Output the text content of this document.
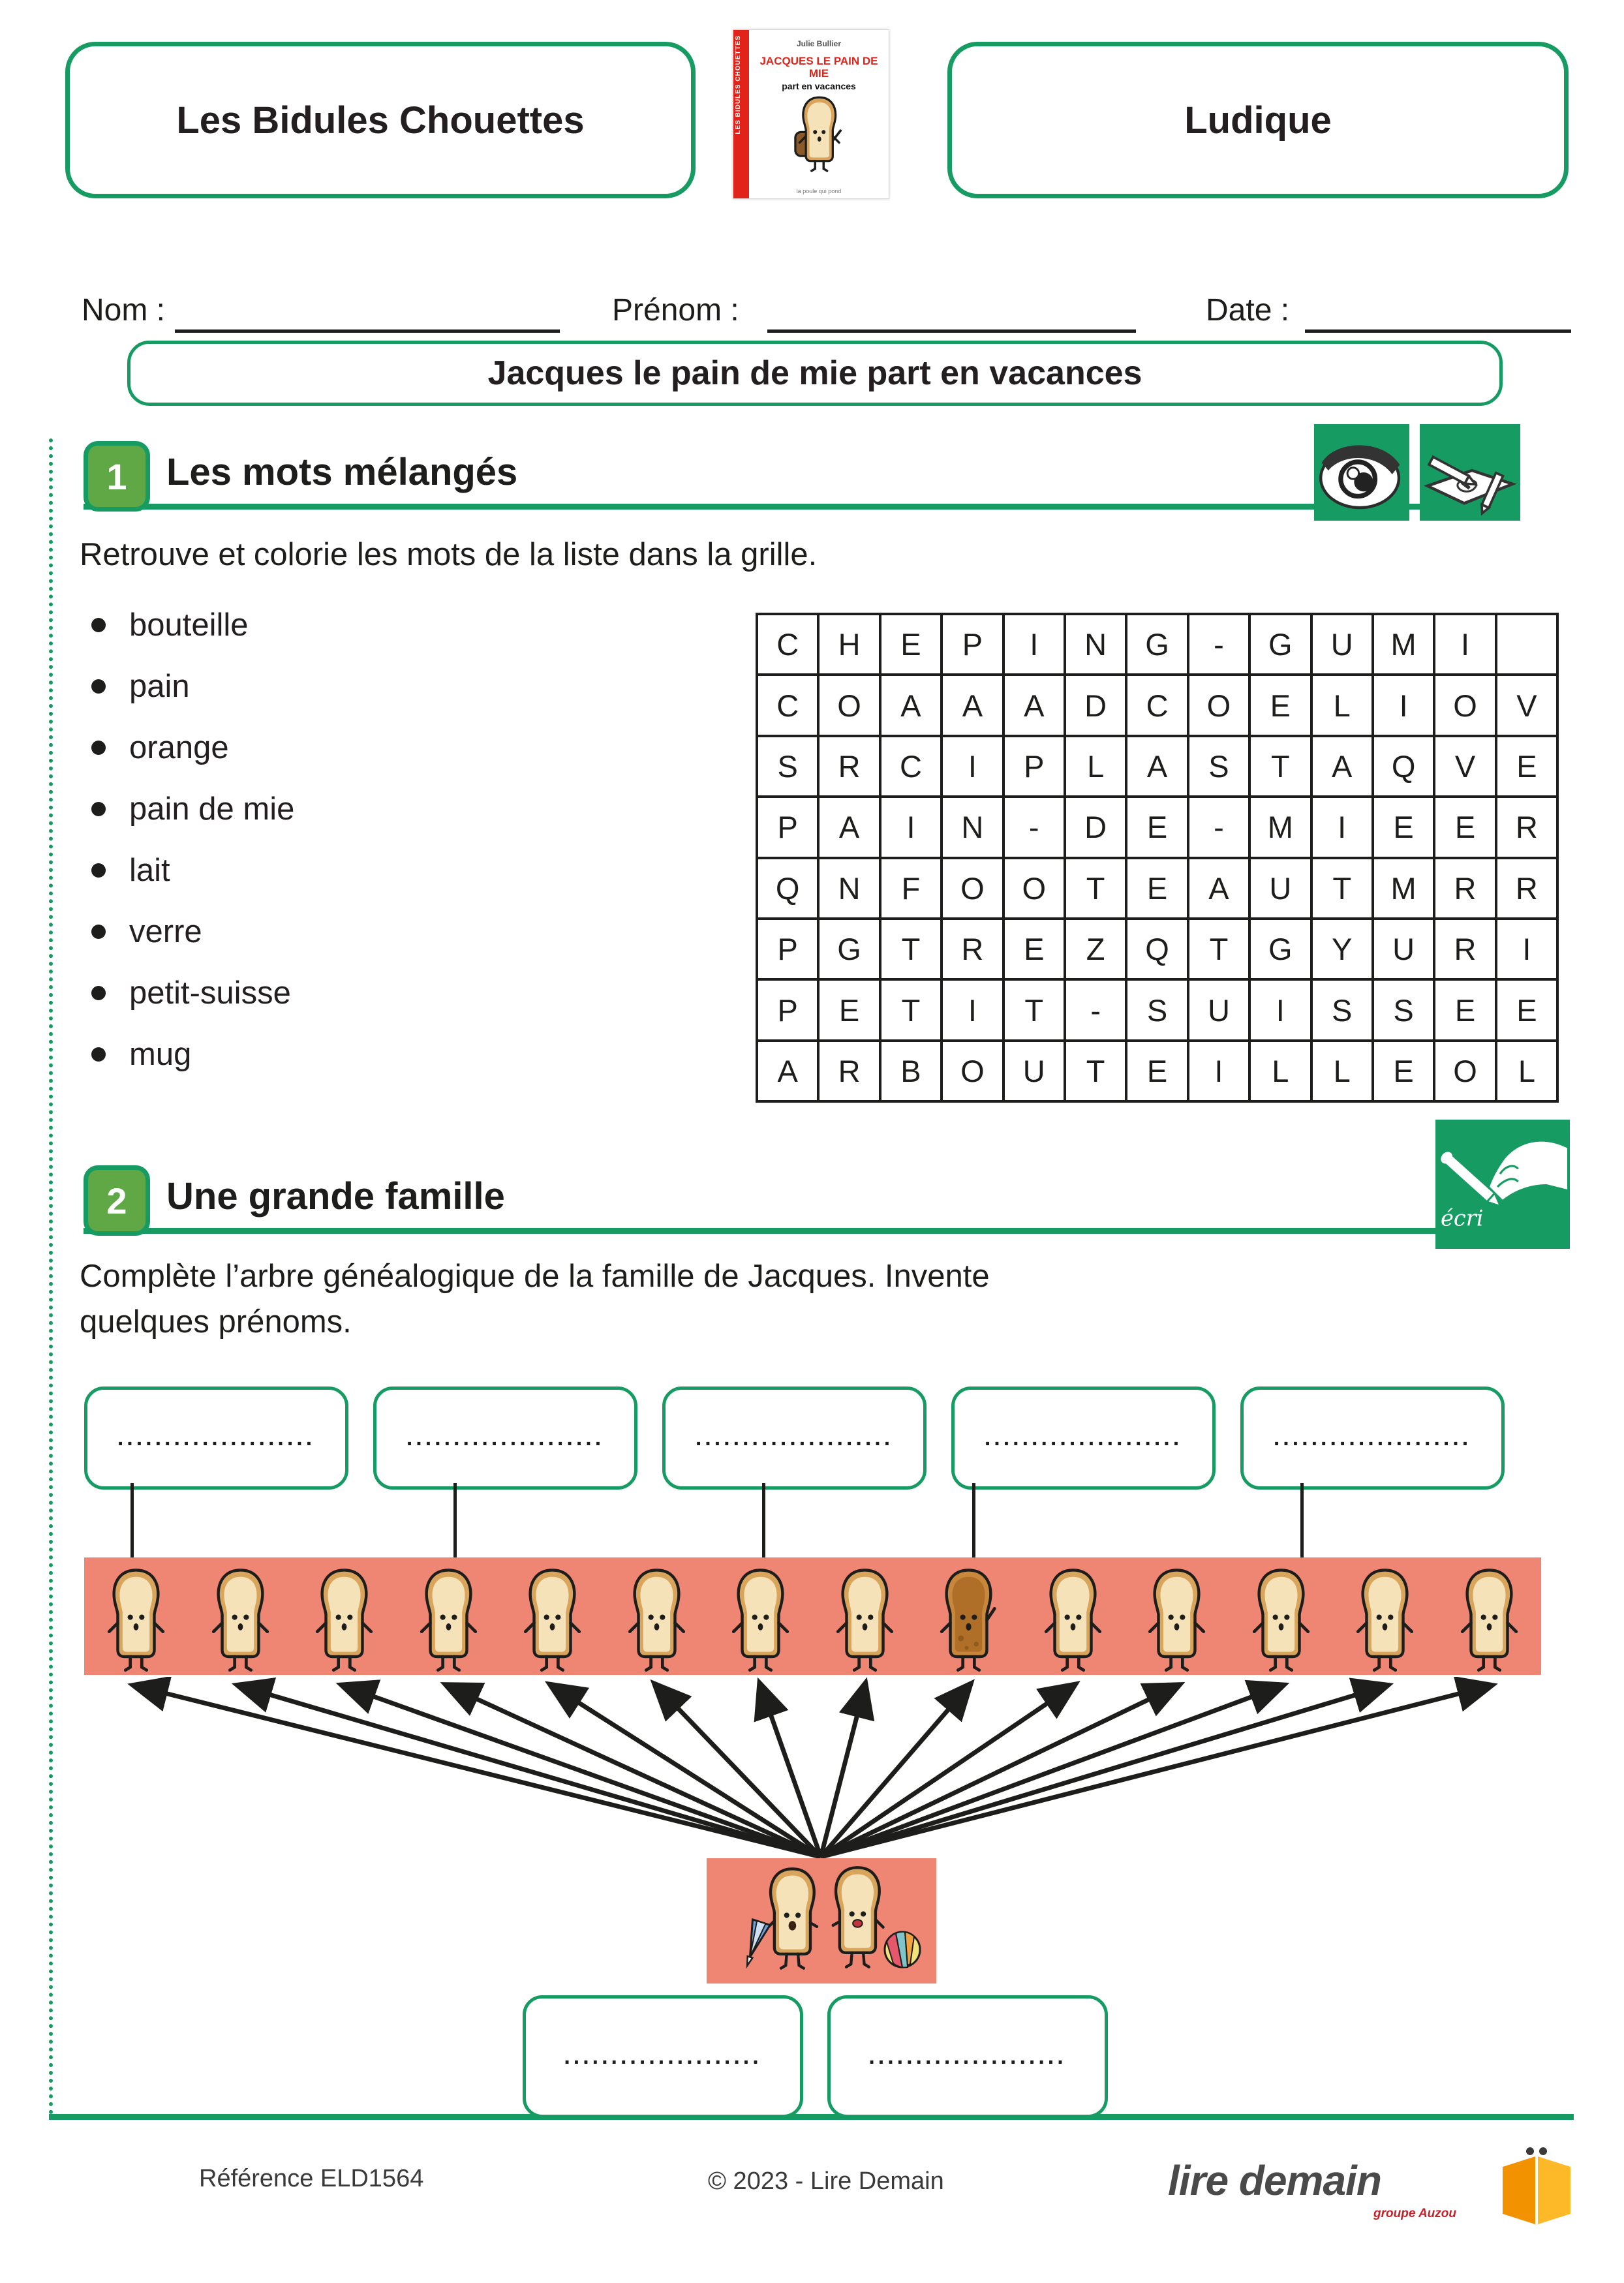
Les Bidules Chouettes	LES BIDULES CHOUETTES	Julie Bullier
JACQUES LE PAIN DE MIE
part en vacances
la poule qui pond
Ludique
Nom :	Prénom :	Date :
Jacques le pain de mie part en vacances
1 Les mots mélangés
Retrouve et colorie les mots de la liste dans la grille.
bouteille
pain
orange
pain de mie
lait
verre
petit-suisse
mug
C	H	E	P	I	N	G	-	G	U	M	I
C	O	A	A	A	D	C	O	E	L	I	O	V
S	R	C	I	P	L	A	S	T	A	Q	V	E
P	A	I	N	-	D	E	-	M	I	E	E	R
Q	N	F	O	O	T	E	A	U	T	M	R	R
P	G	T	R	E	Z	Q	T	G	Y	U	R	I
P	E	T	I	T	-	S	U	I	S	S	E	E
A	R	B	O	U	T	E	I	L	L	E	O	L
2 Une grande famille
écri
Complète l’arbre généalogique de la famille de Jacques. Invente
quelques prénoms.
.....................	.....................	.....................	.....................	.....................
.....................	.....................
Référence ELD1564	© 2023 - Lire Demain	lire demain
groupe Auzou
